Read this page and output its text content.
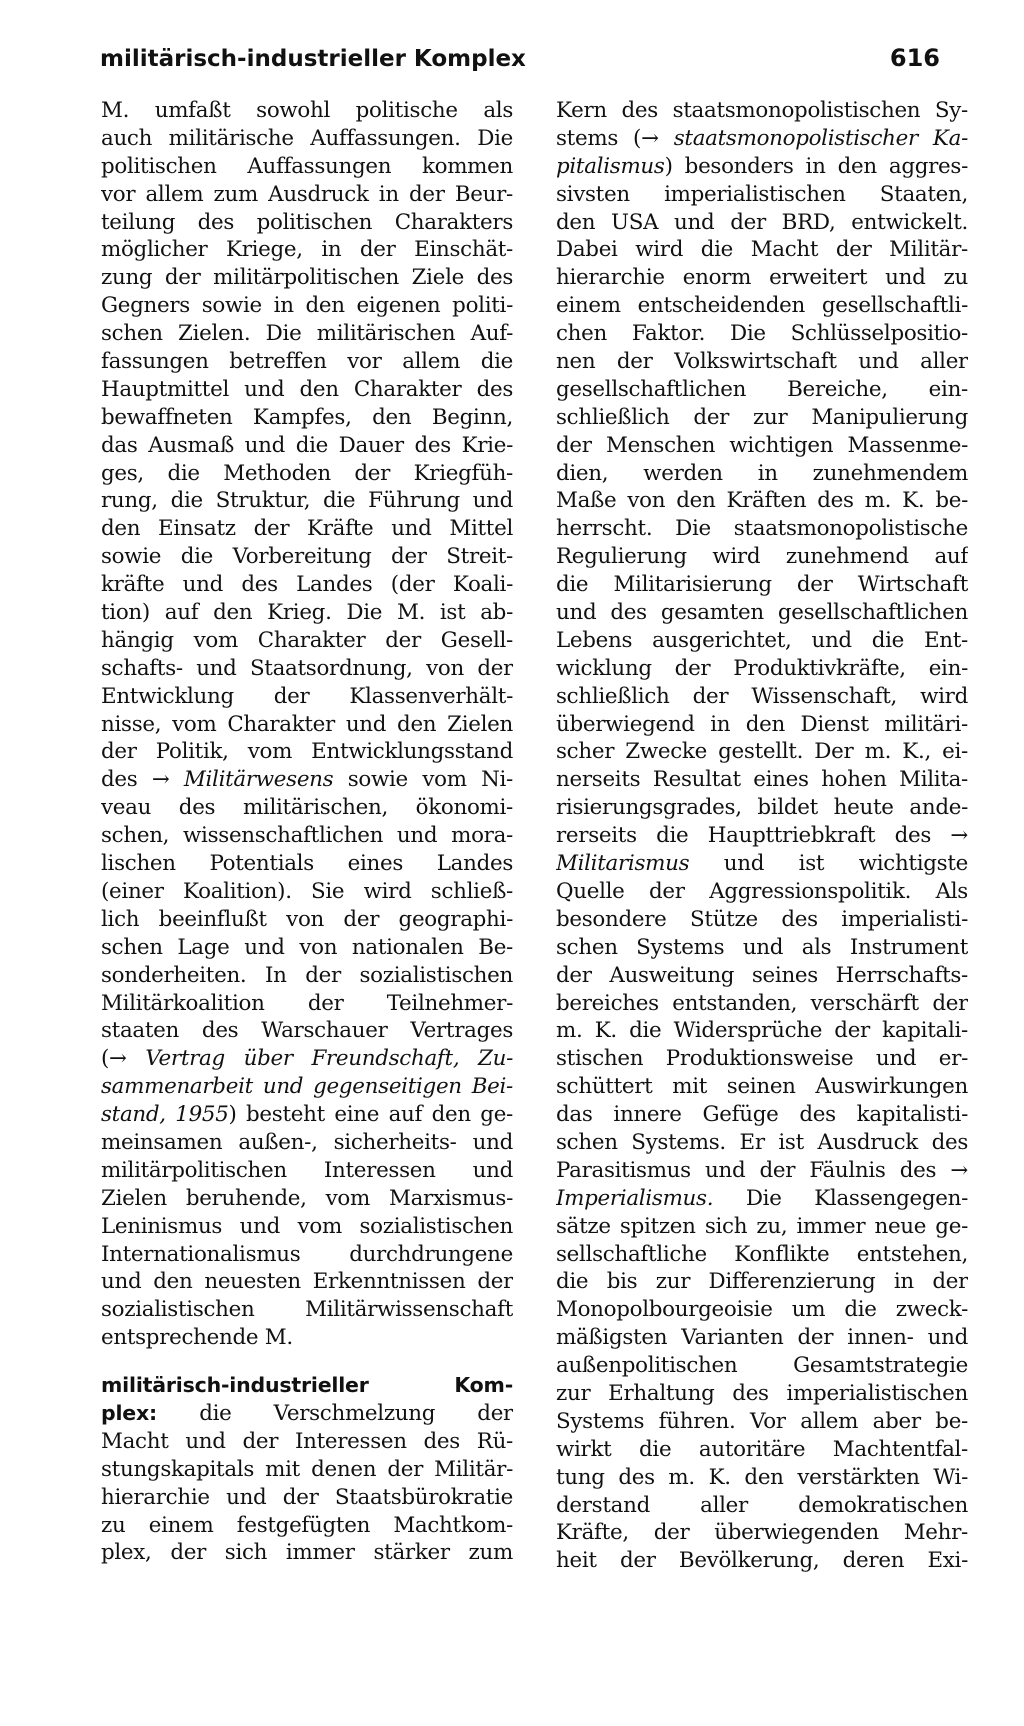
militärisch-industrieller Komplex	616
M. umfaßt sowohl politische als
auch militärische Auffassungen. Die
politischen Auffassungen kommen
vor allem zum Ausdruck in der Beur-
teilung des politischen Charakters
möglicher Kriege, in der Einschät-
zung der militärpolitischen Ziele des
Gegners sowie in den eigenen politi-
schen Zielen. Die militärischen Auf-
fassungen betreffen vor allem die
Hauptmittel und den Charakter des
bewaffneten Kampfes, den Beginn,
das Ausmaß und die Dauer des Krie-
ges, die Methoden der Kriegfüh-
rung, die Struktur, die Führung und
den Einsatz der Kräfte und Mittel
sowie die Vorbereitung der Streit-
kräfte und des Landes (der Koali-
tion) auf den Krieg. Die M. ist ab-
hängig vom Charakter der Gesell-
schafts- und Staatsordnung, von der
Entwicklung der Klassenverhält-
nisse, vom Charakter und den Zielen
der Politik, vom Entwicklungsstand
des → Militärwesens sowie vom Ni-
veau des militärischen, ökonomi-
schen, wissenschaftlichen und mora-
lischen Potentials eines Landes
(einer Koalition). Sie wird schließ-
lich beeinflußt von der geographi-
schen Lage und von nationalen Be-
sonderheiten. In der sozialistischen
Militärkoalition der Teilnehmer-
staaten des Warschauer Vertrages
(→ Vertrag über Freundschaft, Zu-
sammenarbeit und gegenseitigen Bei-
stand, 1955) besteht eine auf den ge-
meinsamen außen-, sicherheits- und
militärpolitischen Interessen und
Zielen beruhende, vom Marxismus-
Leninismus und vom sozialistischen
Internationalismus durchdrungene
und den neuesten Erkenntnissen der
sozialistischen Militärwissenschaft
entsprechende M.
militärisch-industrieller Kom-
plex: die Verschmelzung der
Macht und der Interessen des Rü-
stungskapitals mit denen der Militär-
hierarchie und der Staatsbürokratie
zu einem festgefügten Machtkom-
plex, der sich immer stärker zum
Kern des staatsmonopolistischen Sy-
stems (→ staatsmonopolistischer Ka-
pitalismus) besonders in den aggres-
sivsten imperialistischen Staaten,
den USA und der BRD, entwickelt.
Dabei wird die Macht der Militär-
hierarchie enorm erweitert und zu
einem entscheidenden gesellschaftli-
chen Faktor. Die Schlüsselpositio-
nen der Volkswirtschaft und aller
gesellschaftlichen Bereiche, ein-
schließlich der zur Manipulierung
der Menschen wichtigen Massenme-
dien, werden in zunehmendem
Maße von den Kräften des m. K. be-
herrscht. Die staatsmonopolistische
Regulierung wird zunehmend auf
die Militarisierung der Wirtschaft
und des gesamten gesellschaftlichen
Lebens ausgerichtet, und die Ent-
wicklung der Produktivkräfte, ein-
schließlich der Wissenschaft, wird
überwiegend in den Dienst militäri-
scher Zwecke gestellt. Der m. K., ei-
nerseits Resultat eines hohen Milita-
risierungsgrades, bildet heute ande-
rerseits die Haupttriebkraft des →
Militarismus und ist wichtigste
Quelle der Aggressionspolitik. Als
besondere Stütze des imperialisti-
schen Systems und als Instrument
der Ausweitung seines Herrschafts-
bereiches entstanden, verschärft der
m. K. die Widersprüche der kapitali-
stischen Produktionsweise und er-
schüttert mit seinen Auswirkungen
das innere Gefüge des kapitalisti-
schen Systems. Er ist Ausdruck des
Parasitismus und der Fäulnis des →
Imperialismus. Die Klassengegen-
sätze spitzen sich zu, immer neue ge-
sellschaftliche Konflikte entstehen,
die bis zur Differenzierung in der
Monopolbourgeoisie um die zweck-
mäßigsten Varianten der innen- und
außenpolitischen Gesamtstrategie
zur Erhaltung des imperialistischen
Systems führen. Vor allem aber be-
wirkt die autoritäre Machtentfal-
tung des m. K. den verstärkten Wi-
derstand aller demokratischen
Kräfte, der überwiegenden Mehr-
heit der Bevölkerung, deren Exi-
